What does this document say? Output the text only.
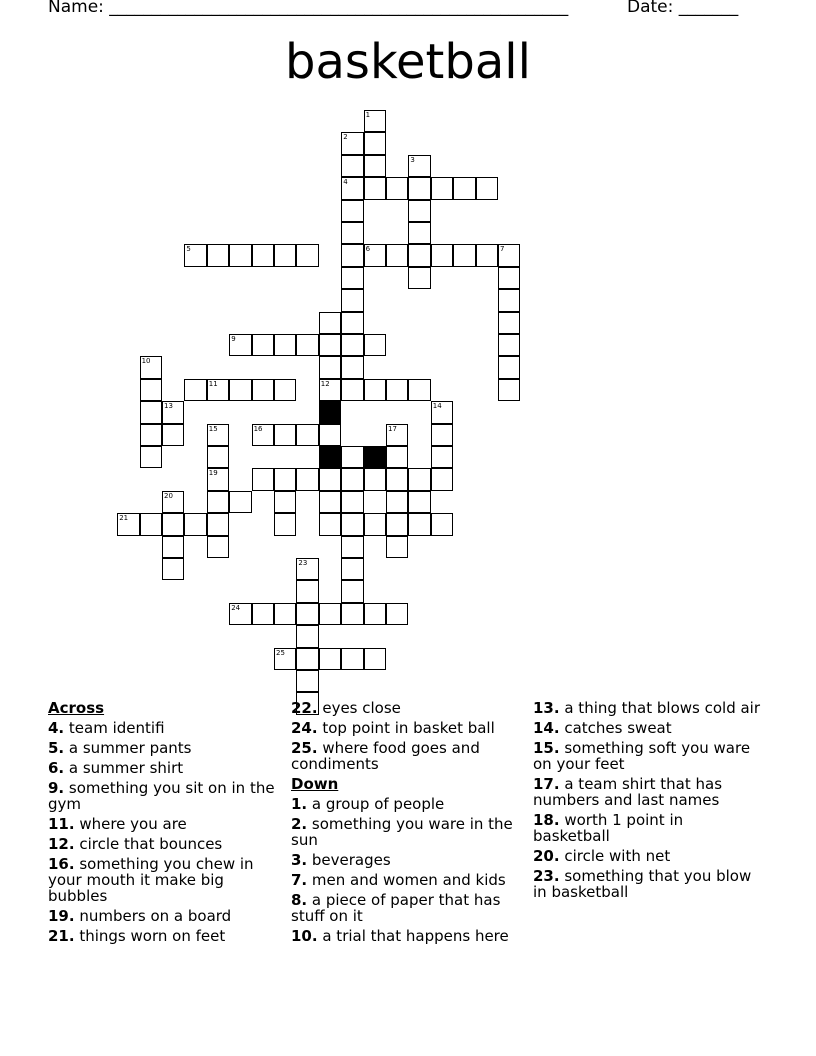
Name: ______________________________________________________	Date: _______
basketball
1
2
3
4
5	6	7
9
10
11	12
13	14
15	16	17
18
19
20
21
23
24
25
Across
4. team identifi
5. a summer pants
6. a summer shirt
9. something you sit on in the gym
11. where you are
12. circle that bounces
16. something you chew in your mouth it make big bubbles
19. numbers on a board
21. things worn on feet
22. eyes close
24. top point in basket ball
25. where food goes and condiments
Down
1. a group of people
2. something you ware in the sun
3. beverages
7. men and women and kids
8. a piece of paper that has stuff on it
10. a trial that happens here
13. a thing that blows cold air
14. catches sweat
15. something soft you ware on your feet
17. a team shirt that has numbers and last names
18. worth 1 point in basketball
20. circle with net
23. something that you blow in basketball
